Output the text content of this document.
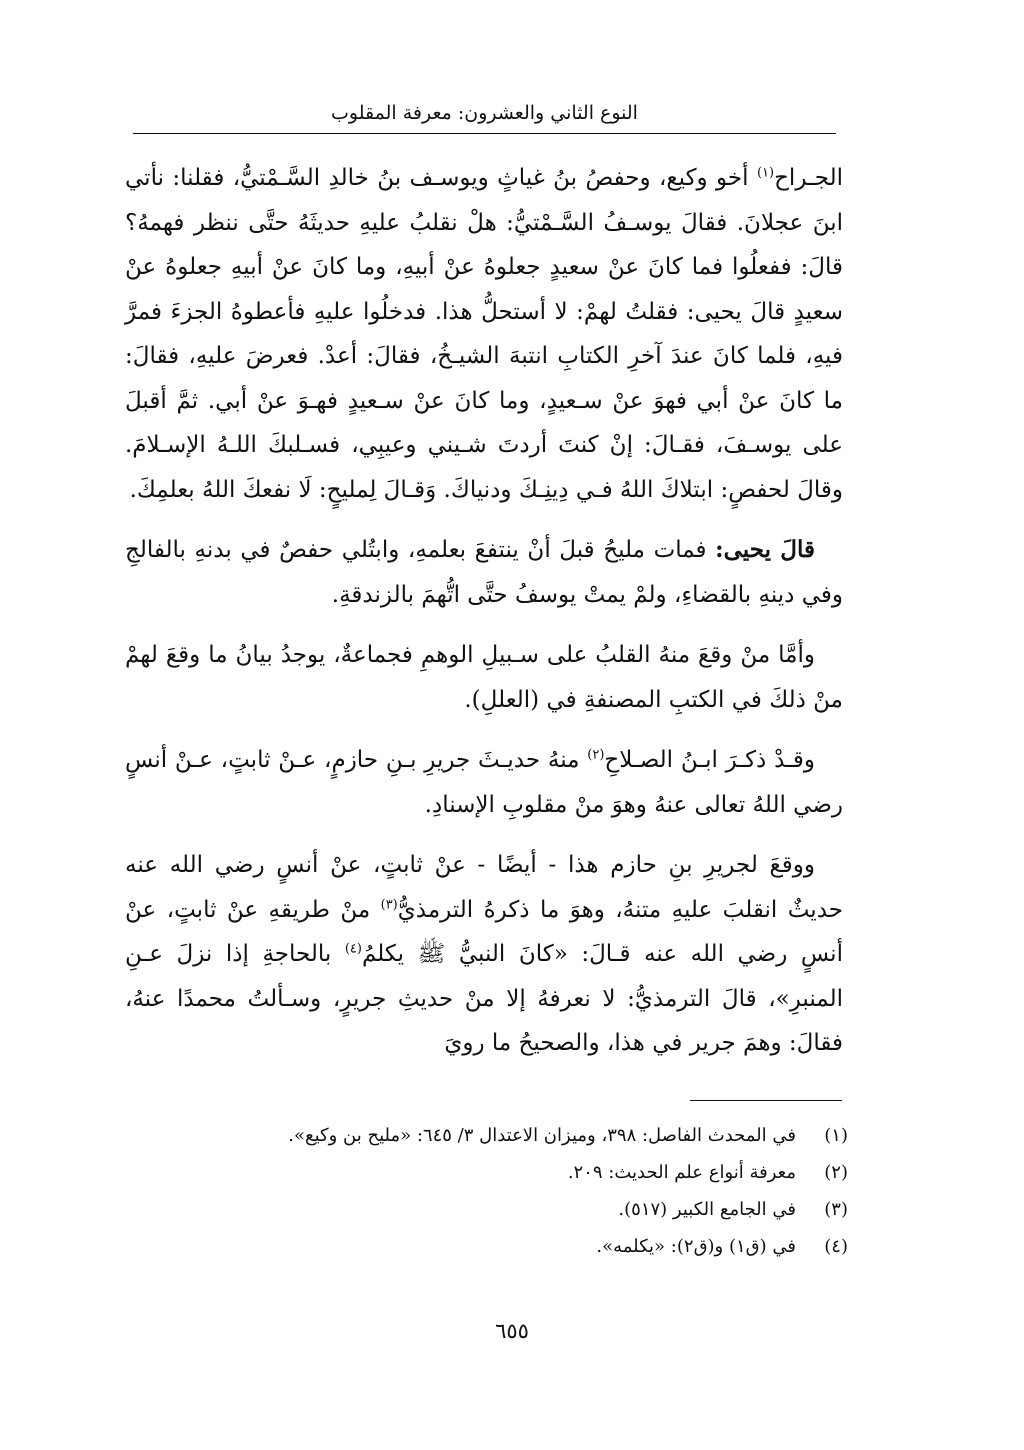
النوع الثاني والعشرون: معرفة المقلوب

الجـراح$^{(١)}$ أخو وكيع، وحفصُ بنُ غياثٍ ويوسـف بنُ خالدِ السَّـمْتيُّ، فقلنا: نأتي ابنَ عجلانَ. فقالَ يوسـفُ السَّـمْتيُّ: هلْ نقلبُ عليهِ حديثَهُ حتَّى ننظر فهمهُ؟ قالَ: ففعلُوا فما كانَ عنْ سعيدٍ جعلوهُ عنْ أبيهِ، وما كانَ عنْ أبيهِ جعلوهُ عنْ سعيدٍ قالَ يحيى: فقلتُ لهمْ: لا أستحلُّ هذا. فدخلُوا عليهِ فأعطوهُ الجزءَ فمرَّ فيهِ، فلما كانَ عندَ آخرِ الكتابِ انتبهَ الشيـخُ، فقالَ: أعدْ. فعرضَ عليهِ، فقالَ: ما كانَ عنْ أبي فهوَ عنْ سـعيدٍ، وما كانَ عنْ سـعيدٍ فهـوَ عنْ أبي. ثمَّ أقبلَ على يوسـفَ، فقـالَ: إنْ كنتَ أردتَ شـيني وعيبِي، فسـلبكَ اللـهُ الإسـلامَ. وقالَ لحفصٍ: ابتلاكَ اللهُ فـي دِينِـكَ ودنياكَ. وَقـالَ لِمليحٍ: لَا نفعكَ اللهُ بعلمِكَ.

قالَ يحيى: فمات مليحُ قبلَ أنْ ينتفعَ بعلمهِ، وابتُلي حفصٌ في بدنهِ بالفالجِ وفي دينهِ بالقضاءِ، ولمْ يمتْ يوسفُ حتَّى اتُّهمَ بالزندقةِ.

وأمَّا منْ وقعَ منهُ القلبُ على سـبيلِ الوهمِ فجماعةٌ، يوجدُ بيانُ ما وقعَ لهمْ منْ ذلكَ في الكتبِ المصنفةِ في (العللِ).

وقـدْ ذكـرَ ابـنُ الصـلاحِ$^{(٢)}$ منهُ حديـثَ جريرِ بـنِ حازمٍ، عـنْ ثابتٍ، عـنْ أنسٍ رضي اللهُ تعالى عنهُ وهوَ منْ مقلوبِ الإسنادِ.

ووقعَ لجريرِ بنِ حازم هذا - أيضًا - عنْ ثابتٍ، عنْ أنسٍ رضي الله عنه حديثٌ انقلبَ عليهِ متنهُ، وهوَ ما ذكرهُ الترمذيُّ$^{(٣)}$ منْ طريقهِ عنْ ثابتٍ، عنْ أنسٍ رضي الله عنه قـالَ: «كانَ النبيُّ ﷺ يكلمُ$^{(٤)}$ بالحاجةِ إذا نزلَ عـنِ المنبرِ»، قالَ الترمذيُّ: لا نعرفهُ إلا منْ حديثِ جريرٍ، وسـألتُ محمدًا عنهُ، فقالَ: وهمَ جرير في هذا، والصحيحُ ما رويَ

(١)
في المحدث الفاصل: ٣٩٨، وميزان الاعتدال ٣/ ٦٤٥: «مليح بن وكيع».
(٢)
معرفة أنواع علم الحديث: ٢٠٩.
(٣)
في الجامع الكبير (٥١٧).
(٤)
في (ق١) و(ق٢): «يكلمه».
٦٥٥
